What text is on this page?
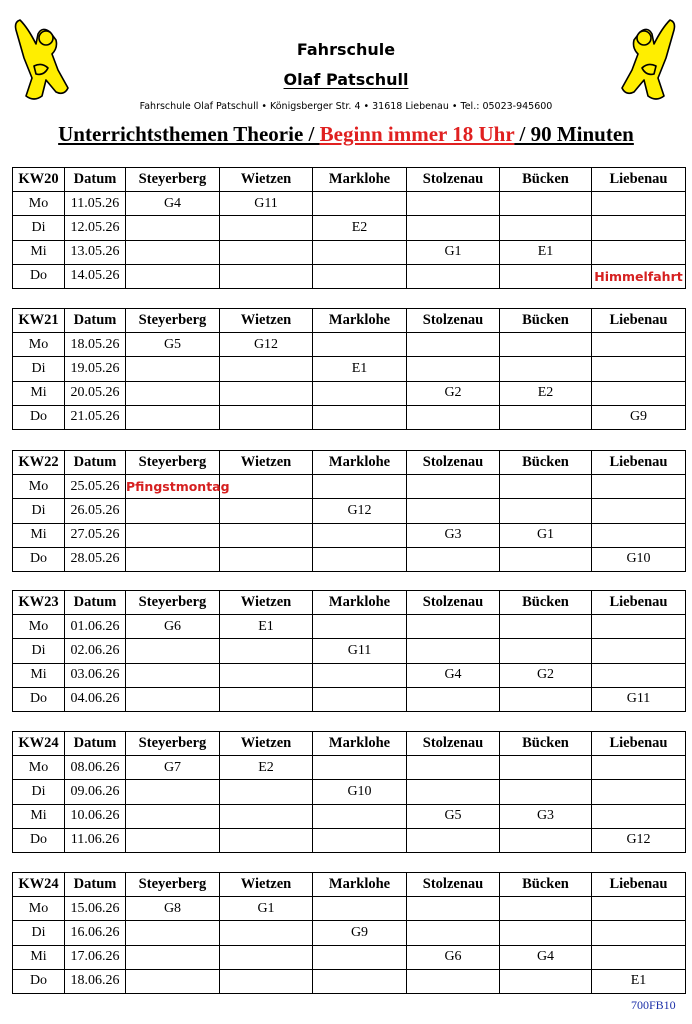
Fahrschule
Olaf Patschull
Fahrschule Olaf Patschull • Königsberger Str. 4 • 31618 Liebenau • Tel.: 05023-945600
Unterrichtsthemen Theorie / Beginn immer 18 Uhr / 90 Minuten
KW20	Datum	Steyerberg	Wietzen	Marklohe	Stolzenau	Bücken	Liebenau
Mo	11.05.26	G4	G11				
Di	12.05.26			E2			
Mi	13.05.26				G1	E1	
Do	14.05.26						Himmelfahrt
KW21	Datum	Steyerberg	Wietzen	Marklohe	Stolzenau	Bücken	Liebenau
Mo	18.05.26	G5	G12				
Di	19.05.26			E1			
Mi	20.05.26				G2	E2	
Do	21.05.26						G9
KW22	Datum	Steyerberg	Wietzen	Marklohe	Stolzenau	Bücken	Liebenau
Mo	25.05.26	Pfingstmontag					
Di	26.05.26			G12			
Mi	27.05.26				G3	G1	
Do	28.05.26						G10
KW23	Datum	Steyerberg	Wietzen	Marklohe	Stolzenau	Bücken	Liebenau
Mo	01.06.26	G6	E1				
Di	02.06.26			G11			
Mi	03.06.26				G4	G2	
Do	04.06.26						G11
KW24	Datum	Steyerberg	Wietzen	Marklohe	Stolzenau	Bücken	Liebenau
Mo	08.06.26	G7	E2				
Di	09.06.26			G10			
Mi	10.06.26				G5	G3	
Do	11.06.26						G12
KW24	Datum	Steyerberg	Wietzen	Marklohe	Stolzenau	Bücken	Liebenau
Mo	15.06.26	G8	G1				
Di	16.06.26			G9			
Mi	17.06.26				G6	G4	
Do	18.06.26						E1
700FB10
